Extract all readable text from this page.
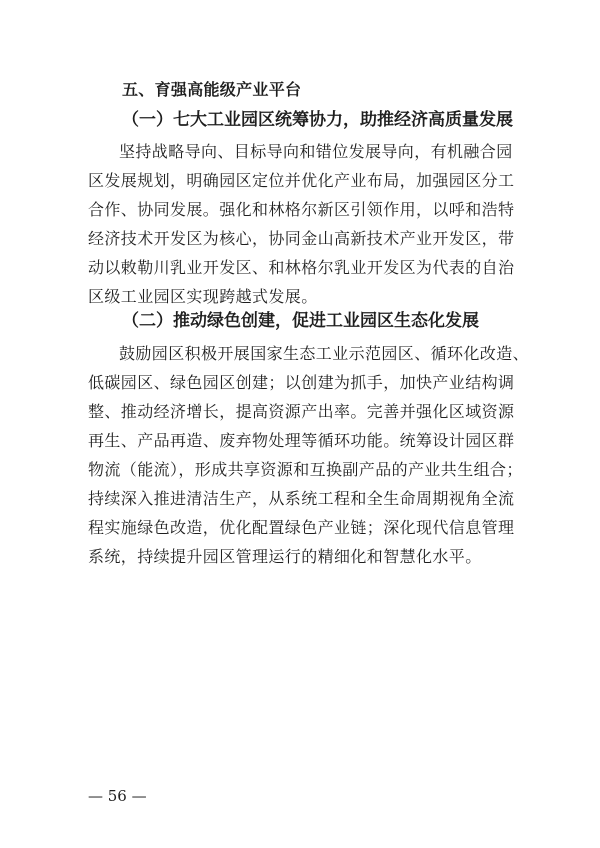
五、育强高能级产业平台
（一）七大工业园区统筹协力，助推经济高质量发展
坚持战略导向、目标导向和错位发展导向，有机融合园
区发展规划，明确园区定位并优化产业布局，加强园区分工
合作、协同发展。强化和林格尔新区引领作用，以呼和浩特
经济技术开发区为核心，协同金山高新技术产业开发区，带
动以敕勒川乳业开发区、和林格尔乳业开发区为代表的自治
区级工业园区实现跨越式发展。
（二）推动绿色创建，促进工业园区生态化发展
鼓励园区积极开展国家生态工业示范园区、循环化改造、
低碳园区、绿色园区创建；以创建为抓手，加快产业结构调
整、推动经济增长，提高资源产出率。完善并强化区域资源
再生、产品再造、废弃物处理等循环功能。统筹设计园区群
物流（能流），形成共享资源和互换副产品的产业共生组合；
持续深入推进清洁生产，从系统工程和全生命周期视角全流
程实施绿色改造，优化配置绿色产业链；深化现代信息管理
系统，持续提升园区管理运行的精细化和智慧化水平。
— 56 —
